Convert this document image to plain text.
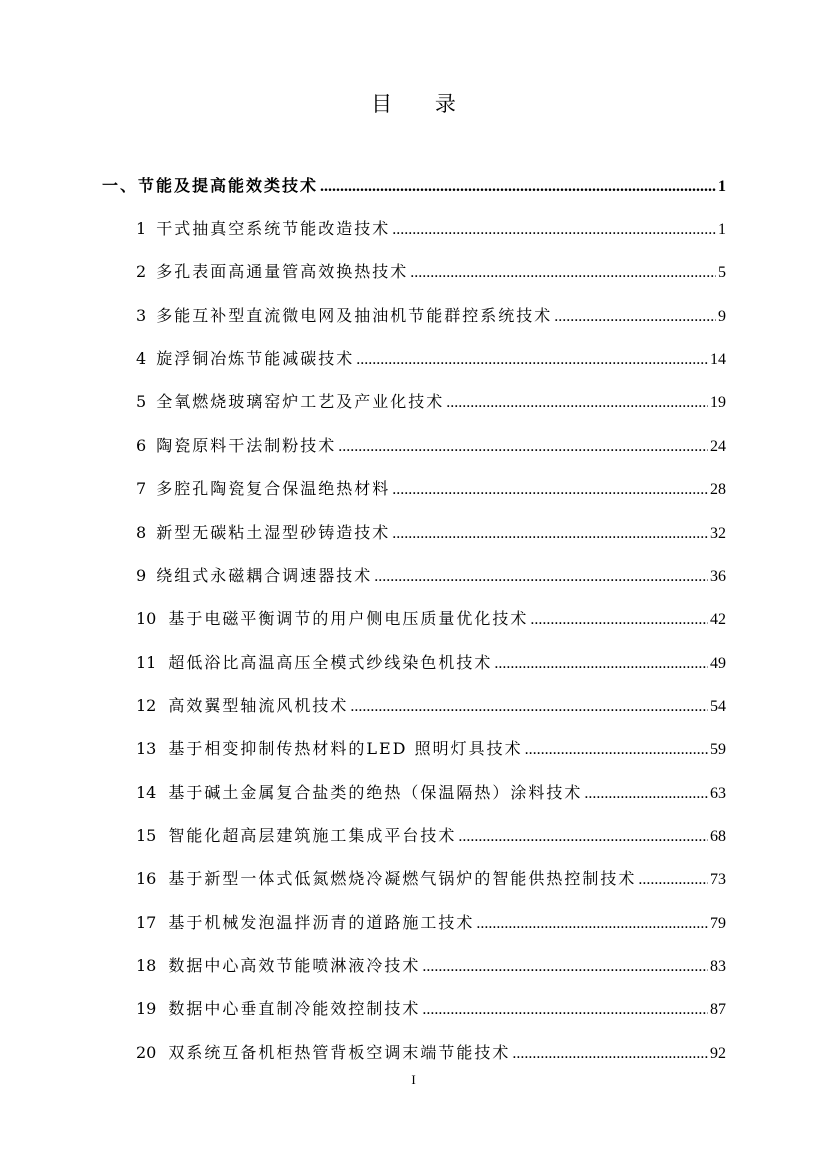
目 录
一、节能及提高能效类技术 .....	1
1 干式抽真空系统节能改造技术 .....	1
2 多孔表面高通量管高效换热技术 .....	5
3 多能互补型直流微电网及抽油机节能群控系统技术 .....	9
4 旋浮铜冶炼节能减碳技术 .....	14
5 全氧燃烧玻璃窑炉工艺及产业化技术 .....	19
6 陶瓷原料干法制粉技术 .....	24
7 多腔孔陶瓷复合保温绝热材料 .....	28
8 新型无碳粘土湿型砂铸造技术 .....	32
9 绕组式永磁耦合调速器技术 .....	36
10 基于电磁平衡调节的用户侧电压质量优化技术 .....	42
11 超低浴比高温高压全模式纱线染色机技术 .....	49
12 高效翼型轴流风机技术 .....	54
13 基于相变抑制传热材料的LED 照明灯具技术 .....	59
14 基于碱土金属复合盐类的绝热（保温隔热）涂料技术 .....	63
15 智能化超高层建筑施工集成平台技术 .....	68
16 基于新型一体式低氮燃烧冷凝燃气锅炉的智能供热控制技术 .....	73
17 基于机械发泡温拌沥青的道路施工技术 .....	79
18 数据中心高效节能喷淋液冷技术 .....	83
19 数据中心垂直制冷能效控制技术 .....	87
20 双系统互备机柜热管背板空调末端节能技术 .....	92
I
